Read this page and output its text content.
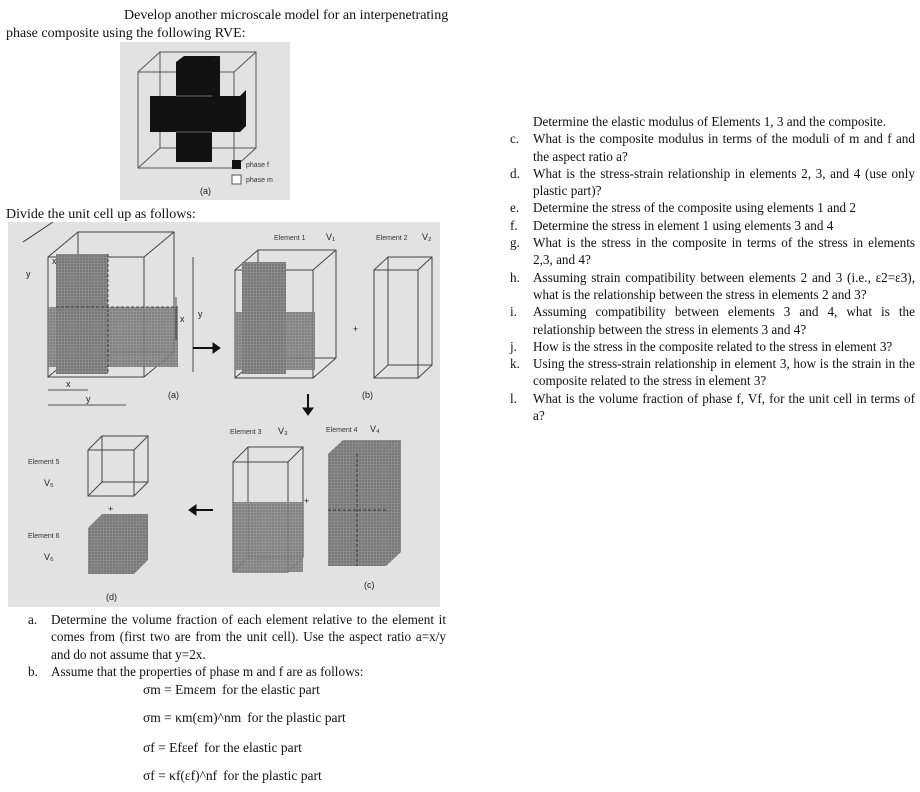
Develop another microscale model for an interpenetrating
phase composite using the following RVE:
phase f
phase m
(a)
Divide the unit cell up as follows:
y
x
x
y
y
x
(a)
Element 1 V₁
+
Element 2 V₂
(b)
Element 3 V₃
+
Element 4 V₄
(c)
Element 5
V₅
+
Element 6
V₆
(d)
a. Determine the volume fraction of each element relative to the element it comes from (first two are from the unit cell). Use the aspect ratio a=x/y and do not assume that y=2x.
b. Assume that the properties of phase m and f are as follows:
σm = Emεem for the elastic part
σm = κm(εm)^nm for the plastic part
σf = Efεef for the elastic part
σf = κf(εf)^nf for the plastic part
Determine the elastic modulus of Elements 1, 3 and the composite.
c. What is the composite modulus in terms of the moduli of m and f and the aspect ratio a?
d. What is the stress-strain relationship in elements 2, 3, and 4 (use only plastic part)?
e. Determine the stress of the composite using elements 1 and 2
f. Determine the stress in element 1 using elements 3 and 4
g. What is the stress in the composite in terms of the stress in elements 2,3, and 4?
h. Assuming strain compatibility between elements 2 and 3 (i.e., ε2=ε3), what is the relationship between the stress in elements 2 and 3?
i. Assuming compatibility between elements 3 and 4, what is the relationship between the stress in elements 3 and 4?
j. How is the stress in the composite related to the stress in element 3?
k. Using the stress-strain relationship in element 3, how is the strain in the composite related to the stress in element 3?
l. What is the volume fraction of phase f, Vf, for the unit cell in terms of a?
